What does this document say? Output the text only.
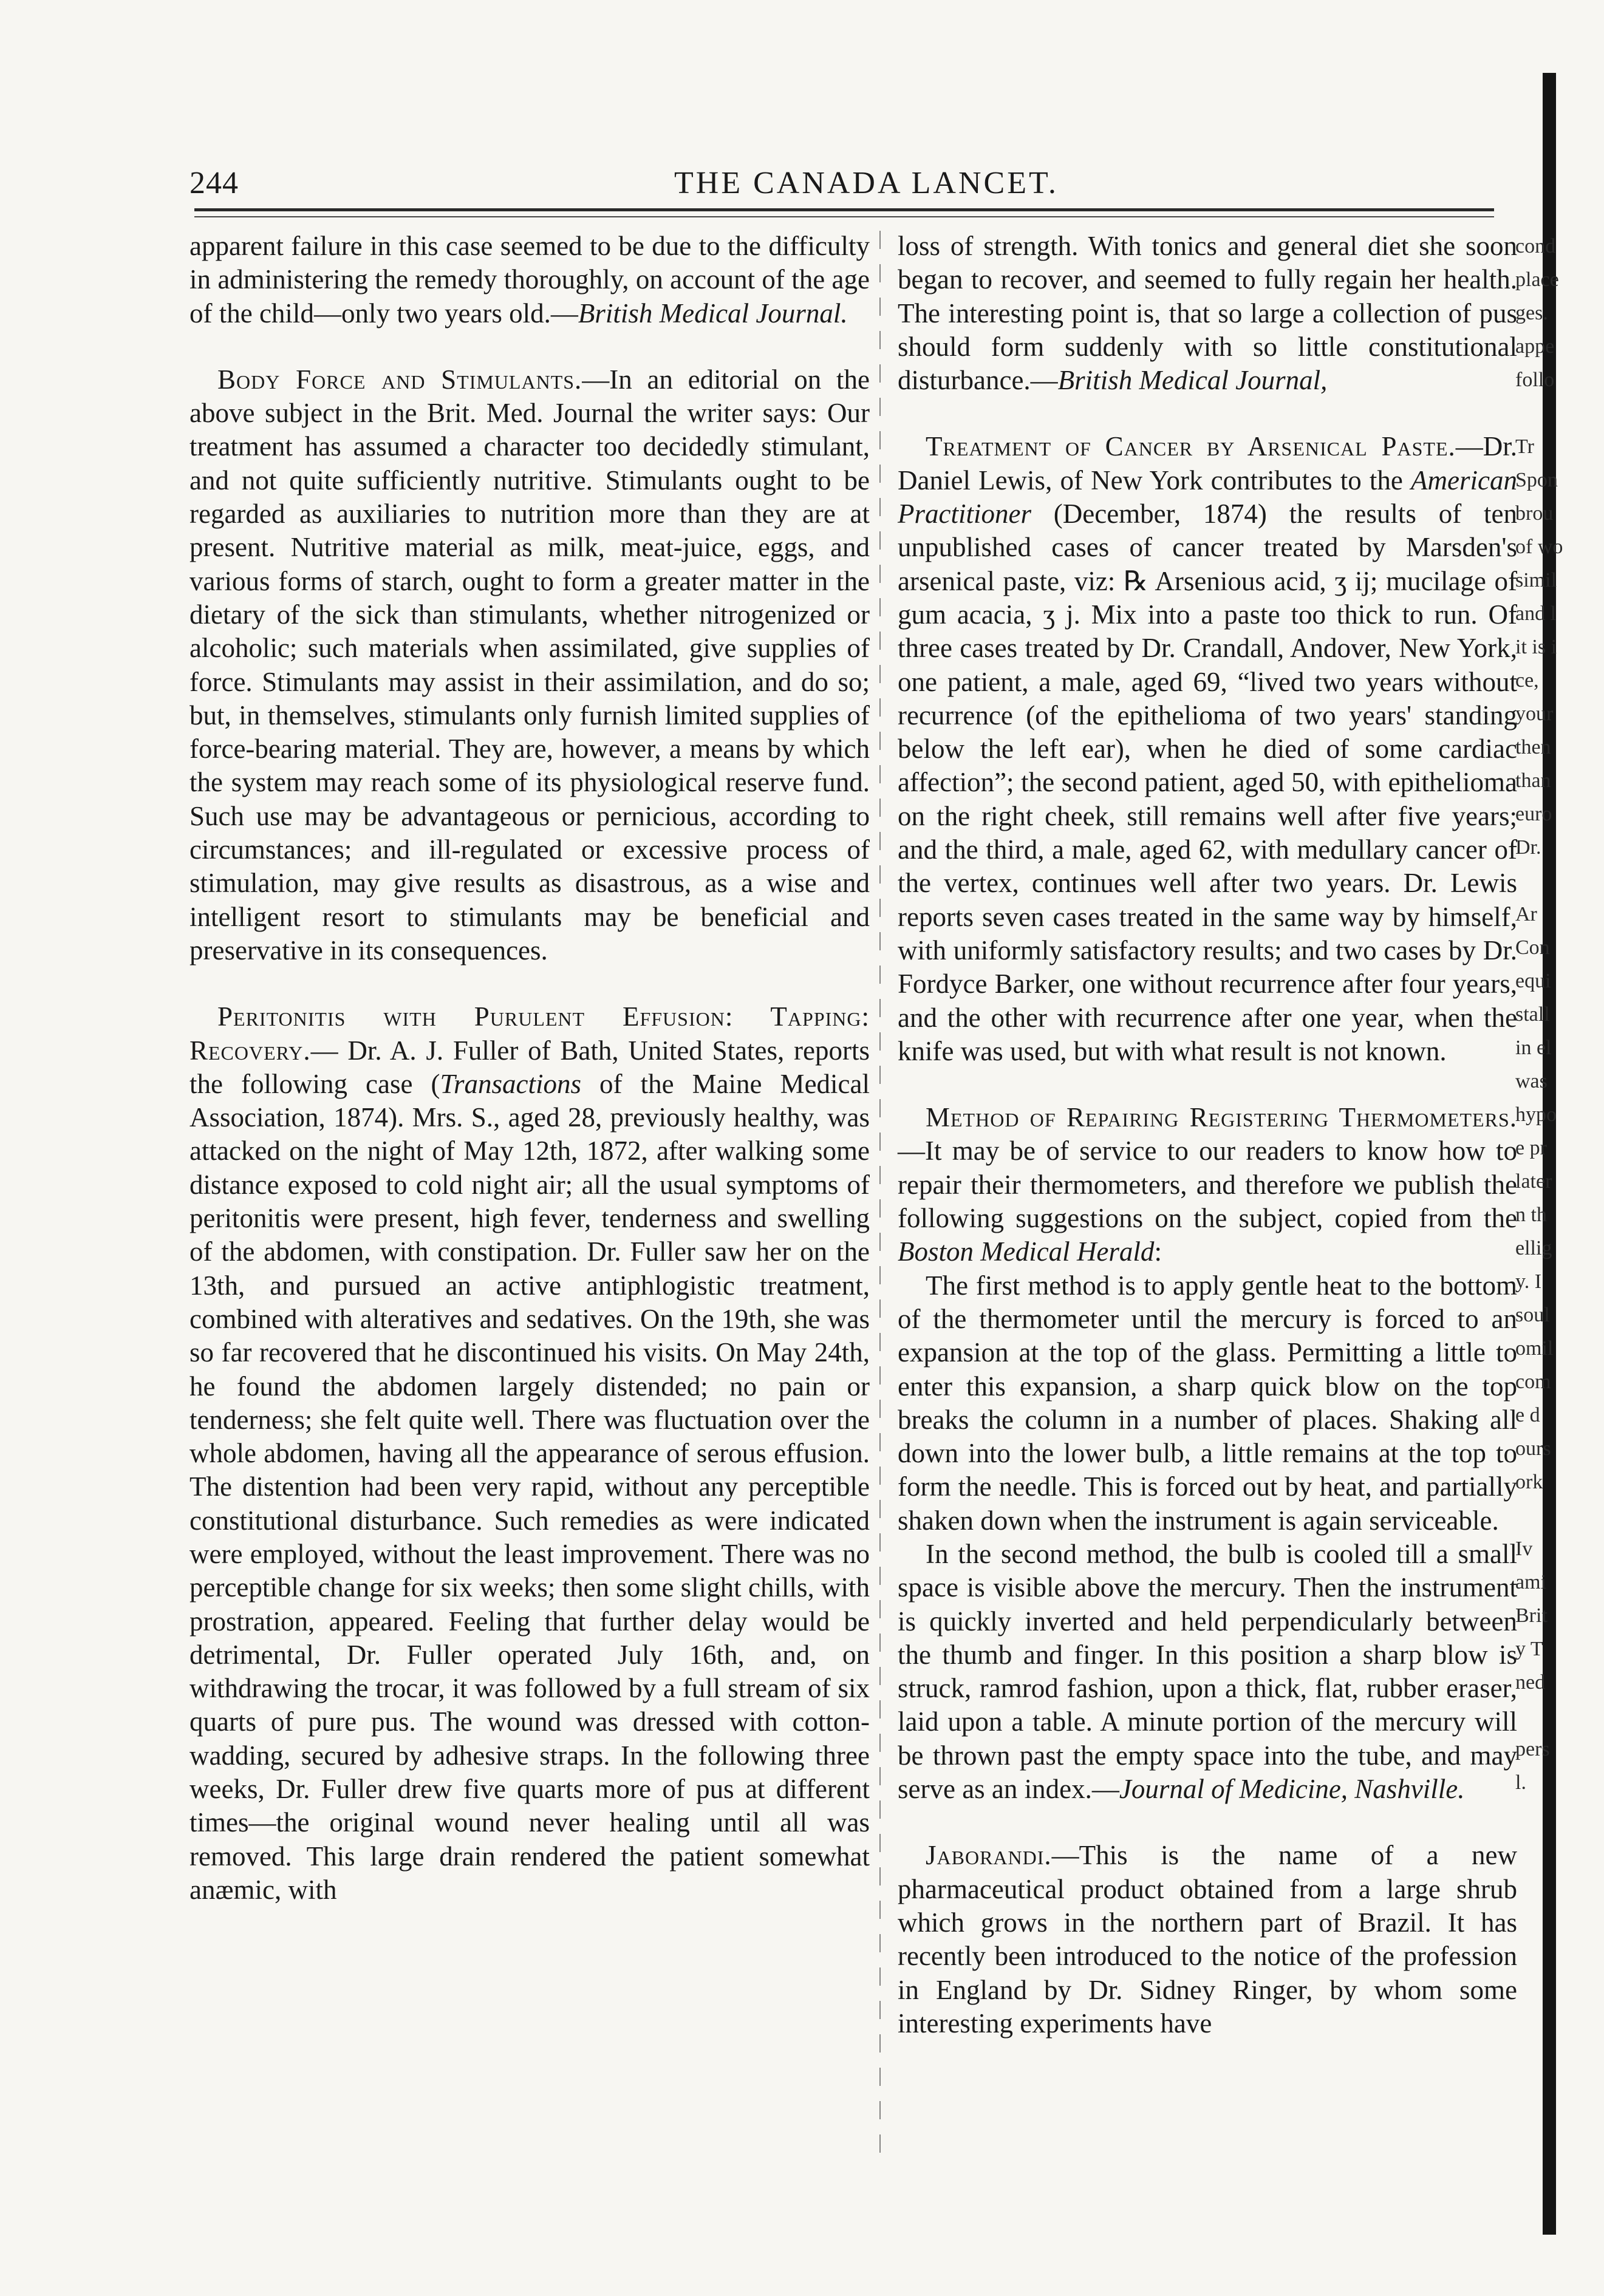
244	THE CANADA LANCET.

apparent failure in this case seemed to be due to the difficulty in administering the remedy thoroughly, on account of the age of the child—only two years old.—British Medical Journal.

Body Force and Stimulants.—In an editorial on the above subject in the Brit. Med. Journal the writer says: Our treatment has assumed a character too decidedly stimulant, and not quite sufficiently nutritive. Stimulants ought to be regarded as auxiliaries to nutrition more than they are at present. Nutritive material as milk, meat-juice, eggs, and various forms of starch, ought to form a greater matter in the dietary of the sick than stimulants, whether nitrogenized or alcoholic; such materials when assimilated, give supplies of force. Stimulants may assist in their assimilation, and do so; but, in themselves, stimulants only furnish limited supplies of force-bearing material. They are, however, a means by which the system may reach some of its physiological reserve fund. Such use may be advantageous or pernicious, according to circumstances; and ill-regulated or excessive process of stimulation, may give results as disastrous, as a wise and intelligent resort to stimulants may be beneficial and preservative in its consequences.

Peritonitis with Purulent Effusion: Tapping: Recovery.— Dr. A. J. Fuller of Bath, United States, reports the following case (Transactions of the Maine Medical Association, 1874). Mrs. S., aged 28, previously healthy, was attacked on the night of May 12th, 1872, after walking some distance exposed to cold night air; all the usual symptoms of peritonitis were present, high fever, tenderness and swelling of the abdomen, with constipation. Dr. Fuller saw her on the 13th, and pursued an active antiphlogistic treatment, combined with alteratives and sedatives. On the 19th, she was so far recovered that he discontinued his visits. On May 24th, he found the abdomen largely distended; no pain or tenderness; she felt quite well. There was fluctuation over the whole abdomen, having all the appearance of serous effusion. The distention had been very rapid, without any perceptible constitutional disturbance. Such remedies as were indicated were employed, without the least improvement. There was no perceptible change for six weeks; then some slight chills, with prostration, appeared. Feeling that further delay would be detrimental, Dr. Fuller operated July 16th, and, on withdrawing the trocar, it was followed by a full stream of six quarts of pure pus. The wound was dressed with cotton-wadding, secured by adhesive straps. In the following three weeks, Dr. Fuller drew five quarts more of pus at different times—the original wound never healing until all was removed. This large drain rendered the patient somewhat anæmic, with

loss of strength. With tonics and general diet she soon began to recover, and seemed to fully regain her health. The interesting point is, that so large a collection of pus should form suddenly with so little constitutional disturbance.—British Medical Journal,

Treatment of Cancer by Arsenical Paste.—Dr. Daniel Lewis, of New York contributes to the American Practitioner (December, 1874) the results of ten unpublished cases of cancer treated by Marsden's arsenical paste, viz: ℞ Arsenious acid, ʒ ij; mucilage of gum acacia, ʒ j. Mix into a paste too thick to run. Of three cases treated by Dr. Crandall, Andover, New York, one patient, a male, aged 69, “lived two years without recurrence (of the epithelioma of two years' standing below the left ear), when he died of some cardiac affection”; the second patient, aged 50, with epithelioma on the right cheek, still remains well after five years; and the third, a male, aged 62, with medullary cancer of the vertex, continues well after two years. Dr. Lewis reports seven cases treated in the same way by himself, with uniformly satisfactory results; and two cases by Dr. Fordyce Barker, one without recurrence after four years, and the other with recurrence after one year, when the knife was used, but with what result is not known.

Method of Repairing Registering Thermometers.—It may be of service to our readers to know how to repair their thermometers, and therefore we publish the following suggestions on the subject, copied from the Boston Medical Herald:

The first method is to apply gentle heat to the bottom of the thermometer until the mercury is forced to an expansion at the top of the glass. Permitting a little to enter this expansion, a sharp quick blow on the top breaks the column in a number of places. Shaking all down into the lower bulb, a little remains at the top to form the needle. This is forced out by heat, and partially shaken down when the instrument is again serviceable.

In the second method, the bulb is cooled till a small space is visible above the mercury. Then the instrument is quickly inverted and held perpendicularly between the thumb and finger. In this position a sharp blow is struck, ramrod fashion, upon a thick, flat, rubber eraser, laid upon a table. A minute portion of the mercury will be thrown past the empty space into the tube, and may serve as an index.—Journal of Medicine, Nashville.

Jaborandi.—This is the name of a new pharmaceutical product obtained from a large shrub which grows in the northern part of Brazil. It has recently been introduced to the notice of the profession in England by Dr. Sidney Ringer, by whom some interesting experiments have

cond
place
ges.
appe
follo
Tr
Spon
brou
of wo
simil
and l
it is i
ce,
your
then
than
euro
Dr.
Ar
Con
equi
stall
in el
was
hypo
e pr
later
n th
ellig
y. I
soul
omil
com
e d
ours
ork
Iv
ami
Brit
y T
ned
pers
l.
